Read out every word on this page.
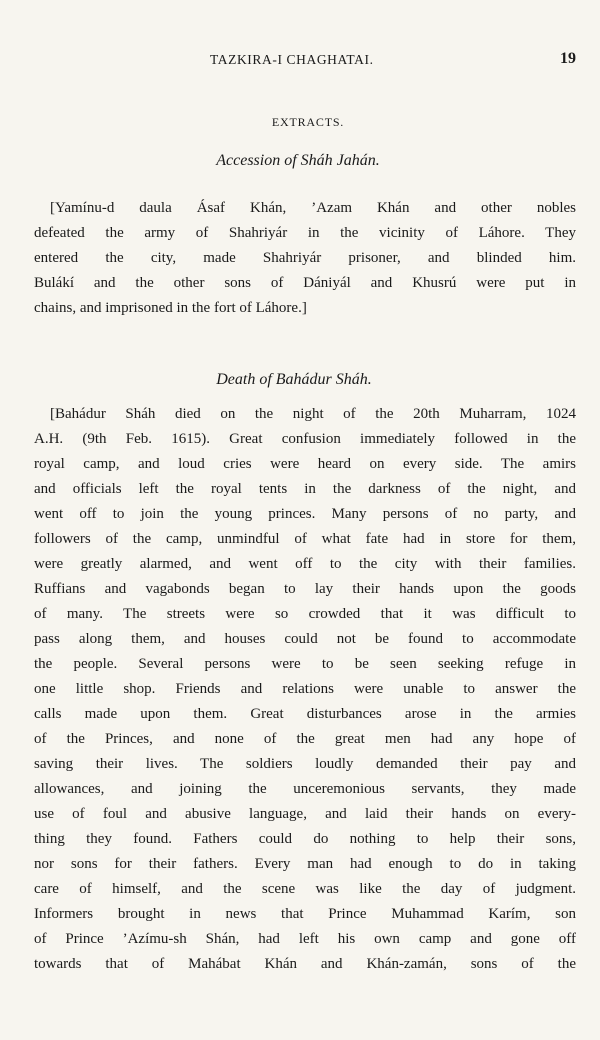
TAZKIRA-I CHAGHATAI.	19
EXTRACTS.
Accession of Sháh Jahán.
[Yamínu-d daula Ásaf Khán, ’Azam Khán and other nobles
defeated the army of Shahriyár in the vicinity of Láhore. They
entered the city, made Shahriyár prisoner, and blinded him.
Bulákí and the other sons of Dániyál and Khusrú were put in
chains, and imprisoned in the fort of Láhore.]
Death of Bahádur Sháh.
[Bahádur Sháh died on the night of the 20th Muharram, 1024
A.H. (9th Feb. 1615). Great confusion immediately followed in the
royal camp, and loud cries were heard on every side. The amirs
and officials left the royal tents in the darkness of the night, and
went off to join the young princes. Many persons of no party, and
followers of the camp, unmindful of what fate had in store for them,
were greatly alarmed, and went off to the city with their families.
Ruffians and vagabonds began to lay their hands upon the goods
of many. The streets were so crowded that it was difficult to
pass along them, and houses could not be found to accommodate
the people. Several persons were to be seen seeking refuge in
one little shop. Friends and relations were unable to answer the
calls made upon them. Great disturbances arose in the armies
of the Princes, and none of the great men had any hope of
saving their lives. The soldiers loudly demanded their pay and
allowances, and joining the unceremonious servants, they made
use of foul and abusive language, and laid their hands on every-
thing they found. Fathers could do nothing to help their sons,
nor sons for their fathers. Every man had enough to do in taking
care of himself, and the scene was like the day of judgment.
Informers brought in news that Prince Muhammad Karím, son
of Prince ’Azímu-sh Shán, had left his own camp and gone off
towards that of Mahábat Khán and Khán-zamán, sons of the
